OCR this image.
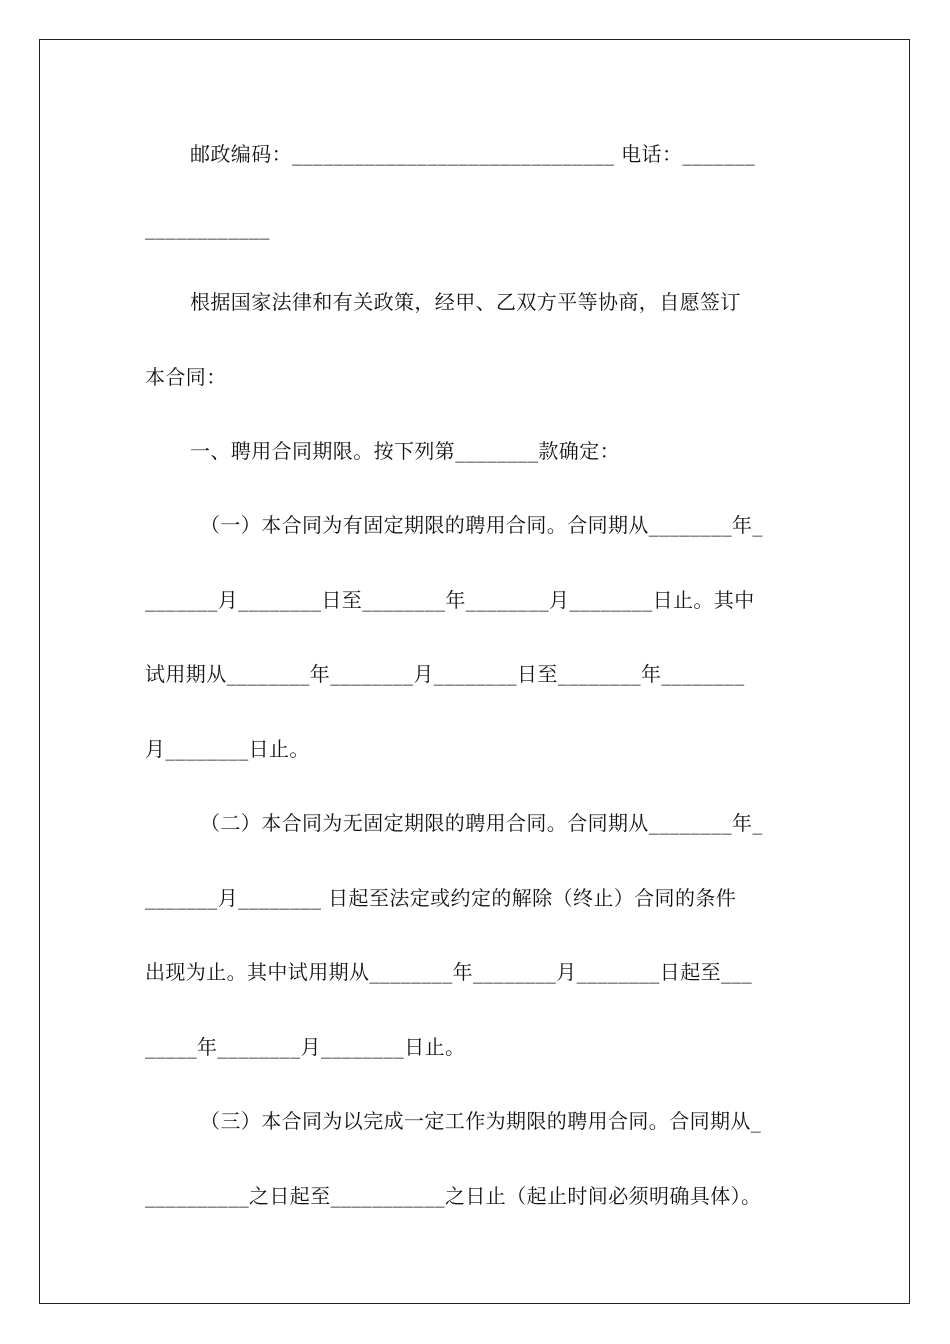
邮政编码：_______________________________ 电话：_______
____________
根据国家法律和有关政策，经甲、乙双方平等协商，自愿签订
本合同：
一、聘用合同期限。按下列第________款确定：
（一）本合同为有固定期限的聘用合同。合同期从________年_
_______月________日至________年________月________日止。其中
试用期从________年________月________日至________年________
月________日止。
（二）本合同为无固定期限的聘用合同。合同期从________年_
_______月________ 日起至法定或约定的解除（终止）合同的条件
出现为止。其中试用期从________年________月________日起至___
_____年________月________日止。
（三）本合同为以完成一定工作为期限的聘用合同。合同期从_
__________之日起至___________之日止（起止时间必须明确具体）。
